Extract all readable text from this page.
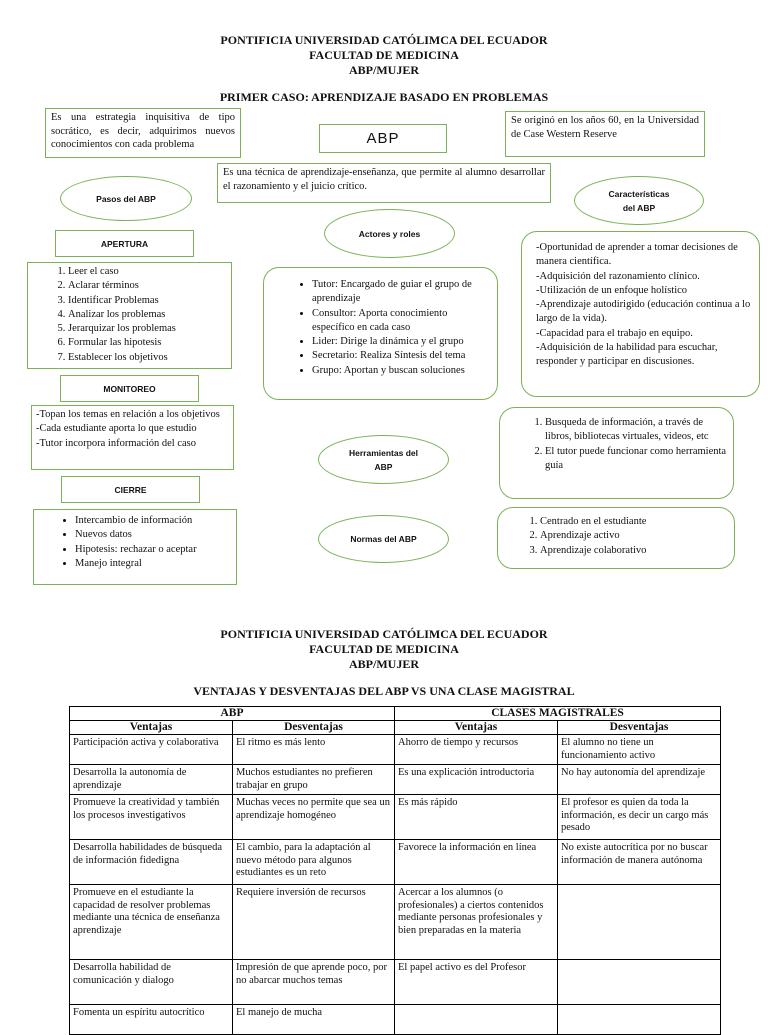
PONTIFICIA UNIVERSIDAD CATÓLIMCA DEL ECUADOR
FACULTAD DE MEDICINA
ABP/MUJER
PRIMER CASO: APRENDIZAJE BASADO EN PROBLEMAS
Es una estrategia inquisitiva de tipo socrático, es decir, adquirimos nuevos conocimientos con cada problema	ABP
Se originó en los años 60, en la Universidad de Case Western Reserve
Es una técnica de aprendizaje-enseñanza, que permite al alumno desarrollar el razonamiento y el juicio crítico.
Pasos del ABP
Actores y roles
Características del ABP
Herramientas del ABP
Normas del ABP
APERTURA
1. Leer el caso
2. Aclarar términos
3. Identificar Problemas
4. Analizar los problemas
5. Jerarquizar los problemas
6. Formular las hipotesis
7. Establecer los objetivos
MONITOREO
-Topan los temas en relación a los objetivos
-Cada estudiante aporta lo que estudio
-Tutor incorpora información del caso
CIERRE
• Intercambio de información
• Nuevos datos
• Hipotesis: rechazar o aceptar
• Manejo integral
• Tutor: Encargado de guiar el grupo de aprendizaje
• Consultor: Aporta conocimiento específico en cada caso
• Lider: Dirige la dinámica y el grupo
• Secretario: Realiza Síntesis del tema
• Grupo: Aportan y buscan soluciones
-Oportunidad de aprender a tomar decisiones de manera científica.
-Adquisición del razonamiento clínico.
-Utilización de un enfoque holístico
-Aprendizaje autodirigido (educación continua a lo largo de la vida).
-Capacidad para el trabajo en equipo.
-Adquisición de la habilidad para escuchar, responder y participar en discusiones.
1. Busqueda de información, a través de libros, bibliotecas virtuales, videos, etc
2. El tutor puede funcionar como herramienta guía
1. Centrado en el estudiante
2. Aprendizaje activo
3. Aprendizaje colaborativo
PONTIFICIA UNIVERSIDAD CATÓLIMCA DEL ECUADOR
FACULTAD DE MEDICINA
ABP/MUJER
VENTAJAS Y DESVENTAJAS DEL ABP VS UNA CLASE MAGISTRAL
ABP		CLASES MAGISTRALES	
Ventajas	Desventajas	Ventajas	Desventajas
Participación activa y colaborativa	El ritmo es más lento	Ahorro de tiempo y recursos	El alumno no tiene un funcionamiento activo
Desarrolla la autonomía de aprendizaje	Muchos estudiantes no prefieren trabajar en grupo	Es una explicación introductoria	No hay autonomía del aprendizaje
Promueve la creatividad y también los procesos investigativos	Muchas veces no permite que sea un aprendizaje homogéneo	Es más rápido	El profesor es quien da toda la información, es decir un cargo más pesado
Desarrolla habilidades de búsqueda de información fidedigna	El cambio, para la adaptación al nuevo método para algunos estudiantes es un reto	Favorece la información en línea	No existe autocrítica por no buscar información de manera autónoma
Promueve en el estudiante la capacidad de resolver problemas mediante una técnica de enseñanza aprendizaje	Requiere inversión de recursos	Acercar a los alumnos (o profesionales) a ciertos contenidos mediante personas profesionales y bien preparadas en la materia	
Desarrolla habilidad de comunicación y dialogo	Impresión de que aprende poco, por no abarcar muchos temas	El papel activo es del Profesor	
Fomenta un espíritu autocrítico	El manejo de mucha		
